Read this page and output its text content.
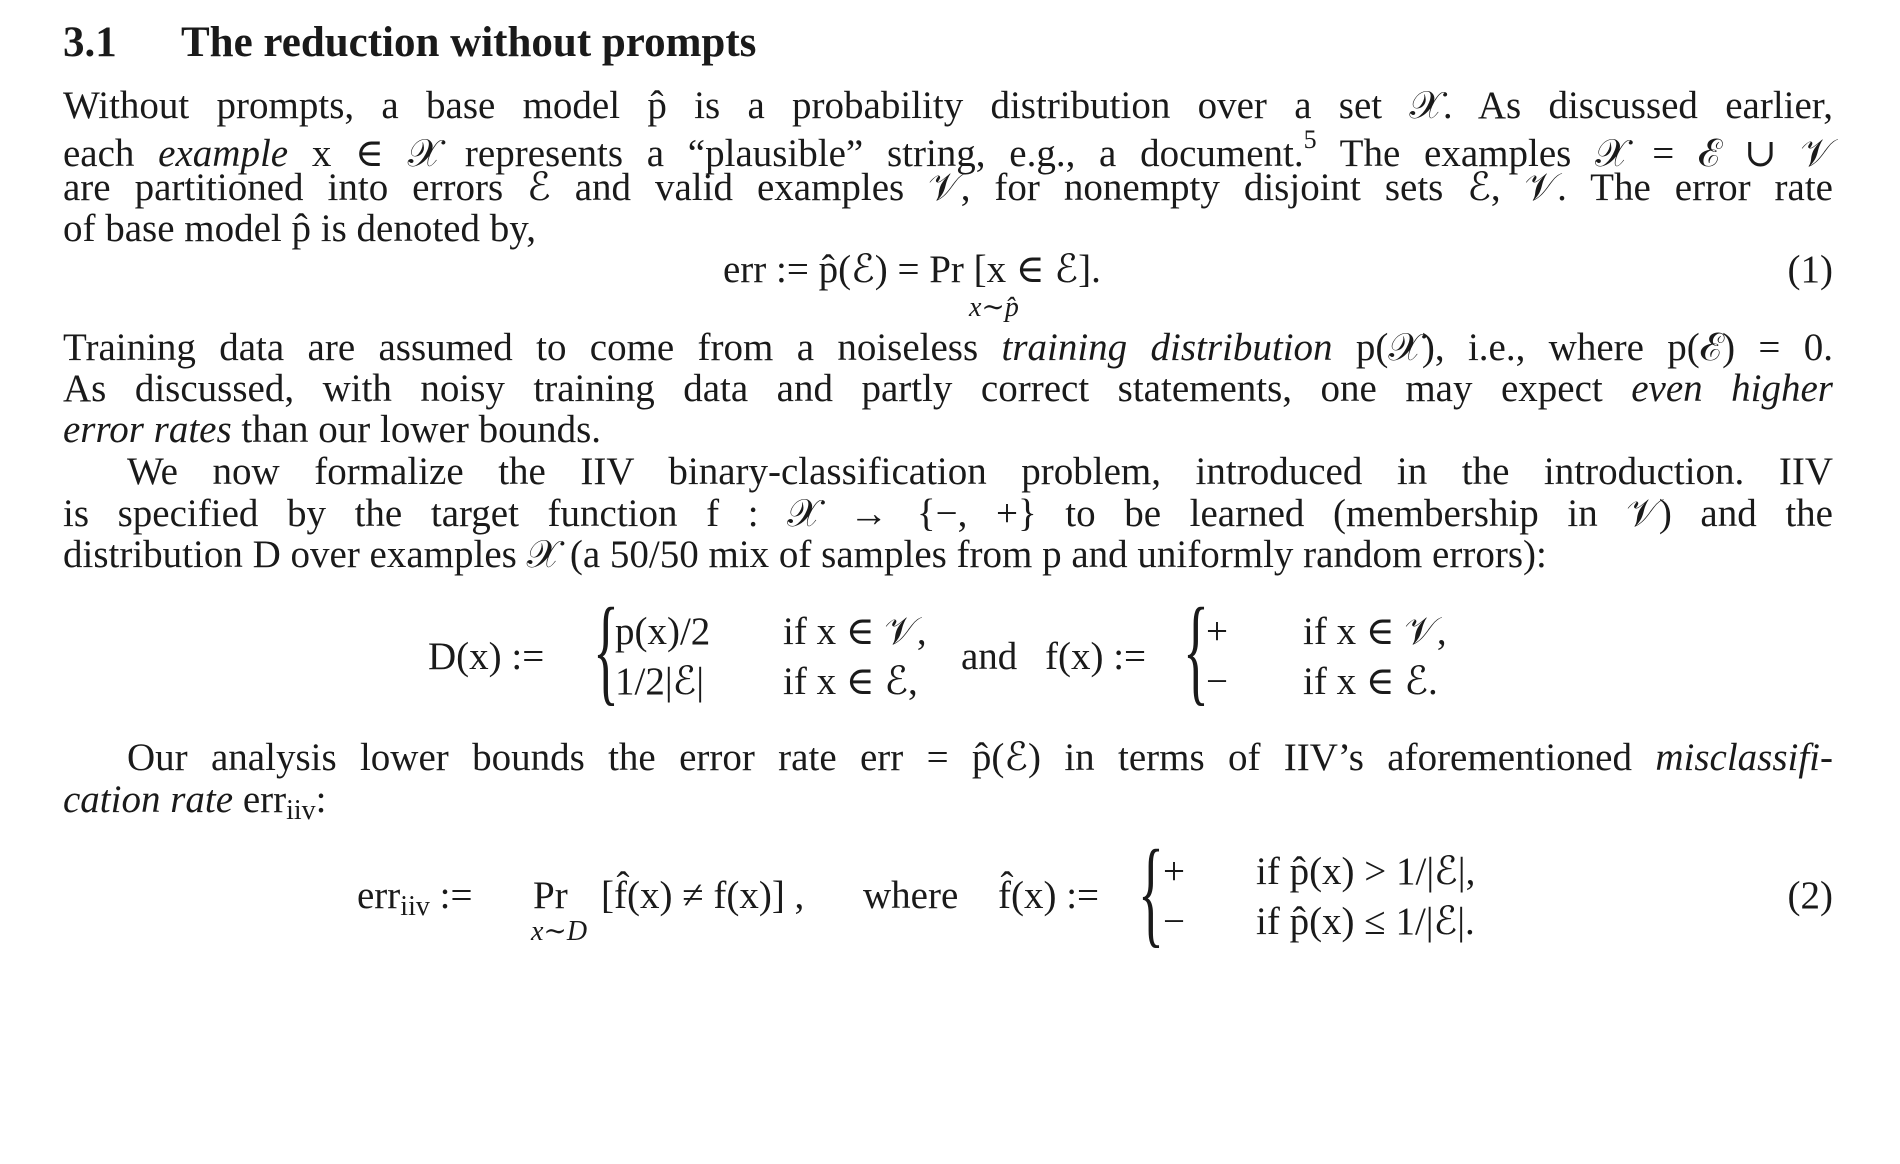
3.1 The reduction without prompts
Without prompts, a base model p̂ is a probability distribution over a set 𝒳. As discussed earlier,
each example x ∈ 𝒳 represents a “plausible” string, e.g., a document.$^5$ The examples 𝒳 = ℰ ∪ 𝒱
are partitioned into errors ℰ and valid examples 𝒱, for nonempty disjoint sets ℰ, 𝒱. The error rate
of base model p̂ is denoted by,
err := p̂(ℰ) = Pr [x ∈ ℰ].
x∼p̂
(1)
Training data are assumed to come from a noiseless training distribution p(𝒳), i.e., where p(ℰ) = 0.
As discussed, with noisy training data and partly correct statements, one may expect even higher
error rates than our lower bounds.
We now formalize the IIV binary-classification problem, introduced in the introduction. IIV
is specified by the target function f : 𝒳 → {−, +} to be learned (membership in 𝒱) and the
distribution D over examples 𝒳 (a 50/50 mix of samples from p and uniformly random errors):
D(x) := {
p(x)/2 if x ∈ 𝒱,
1/2|ℰ| if x ∈ ℰ,
and f(x) := {
+ if x ∈ 𝒱,
− if x ∈ ℰ.
Our analysis lower bounds the error rate err = p̂(ℰ) in terms of IIV’s aforementioned misclassifi-
cation rate err$_{iiv}$:
err$_{iiv}$ := Pr
x∼D
[f̂(x) ≠ f(x)] , where f̂(x) := { + if p̂(x) > 1/|ℰ|,
− if p̂(x) ≤ 1/|ℰ|.
(2)
